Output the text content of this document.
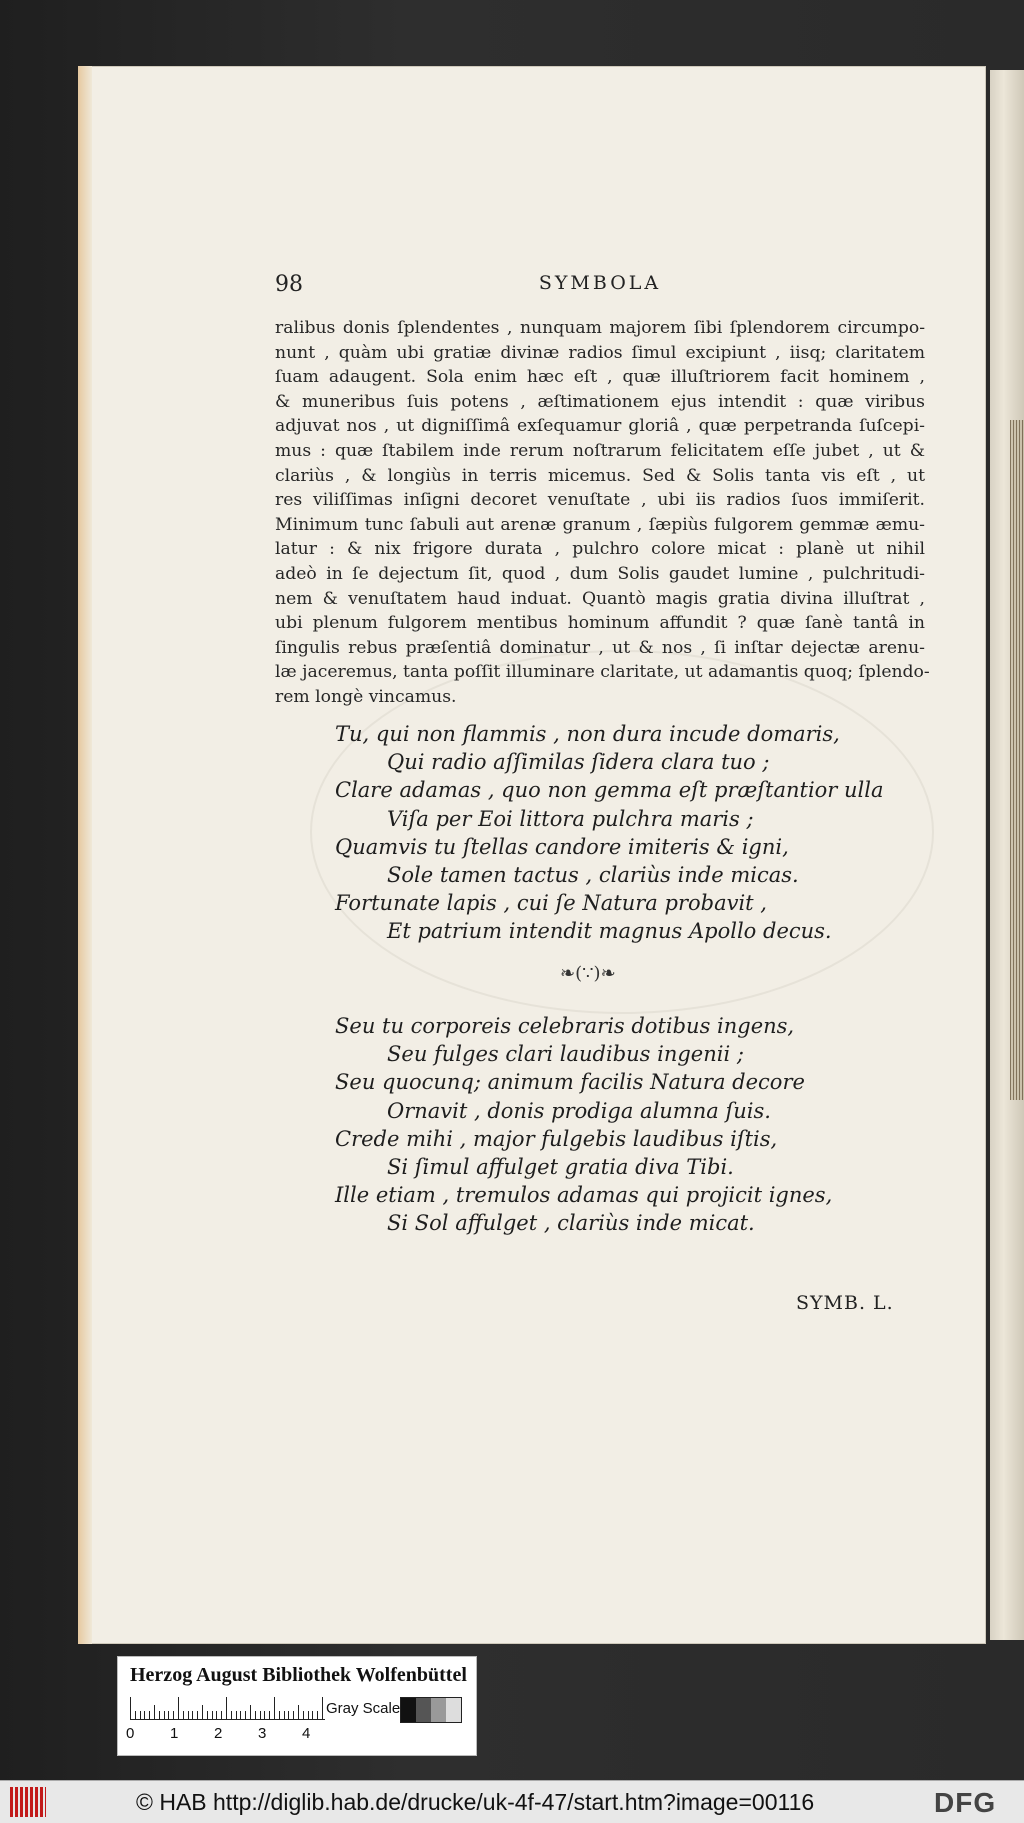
98	SYMBOLA
ralibus donis ſplendentes , nunquam majorem ſibi ſplendorem circumpo-
nunt , quàm ubi gratiæ divinæ radios ſimul excipiunt , iisq; claritatem
ſuam adaugent. Sola enim hæc eſt , quæ illuſtriorem facit hominem ,
& muneribus ſuis potens , æſtimationem ejus intendit : quæ viribus
adjuvat nos , ut digniſſimâ exſequamur gloriâ , quæ perpetranda ſuſcepi-
mus : quæ ſtabilem inde rerum noſtrarum felicitatem eſſe jubet , ut &
clariùs , & longiùs in terris micemus. Sed & Solis tanta vis eſt , ut
res viliſſimas inſigni decoret venuſtate , ubi iis radios ſuos immiſerit.
Minimum tunc ſabuli aut arenæ granum , ſæpiùs fulgorem gemmæ æmu-
latur : & nix frigore durata , pulchro colore micat : planè ut nihil
adeò in ſe dejectum ſit, quod , dum Solis gaudet lumine , pulchritudi-
nem & venuſtatem haud induat. Quantò magis gratia divina illuſtrat ,
ubi plenum fulgorem mentibus hominum affundit ? quæ ſanè tantâ in
ſingulis rebus præſentiâ dominatur , ut & nos , ſi inſtar dejectæ arenu-
læ jaceremus, tanta poſſit illuminare claritate, ut adamantis quoq; ſplendo-
rem longè vincamus.
Tu, qui non flammis , non dura incude domaris,
Qui radio aſſimilas ſidera clara tuo ;
Clare adamas , quo non gemma eſt præſtantior ulla
Viſa per Eoi littora pulchra maris ;
Quamvis tu ſtellas candore imiteris & igni,
Sole tamen tactus , clariùs inde micas.
Fortunate lapis , cui ſe Natura probavit ,
Et patrium intendit magnus Apollo decus.
❧(∵)❧
Seu tu corporeis celebraris dotibus ingens,
Seu fulges clari laudibus ingenii ;
Seu quocunq; animum facilis Natura decore
Ornavit , donis prodiga alumna ſuis.
Crede mihi , major fulgebis laudibus iſtis,
Si ſimul affulget gratia diva Tibi.
Ille etiam , tremulos adamas qui projicit ignes,
Si Sol affulget , clariùs inde micat.
SYMB. L.
Herzog August Bibliothek Wolfenbüttel
0 1 2 3 4
Gray Scale
© HAB http://diglib.hab.de/drucke/uk-4f-47/start.htm?image=00116	DFG
